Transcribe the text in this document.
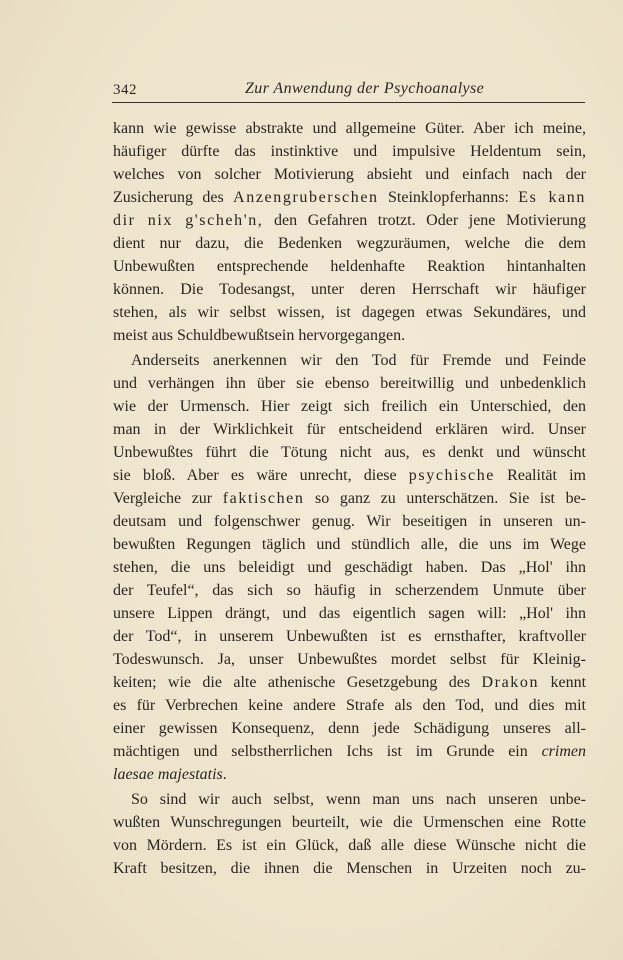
342	Zur Anwendung der Psychoanalyse
kann wie gewisse abstrakte und allgemeine Güter. Aber ich meine,
häufiger dürfte das instinktive und impulsive Heldentum sein,
welches von solcher Motivierung absieht und einfach nach der
Zusicherung des Anzengruberschen Steinklopferhanns: Es kann
dir nix g'scheh'n, den Gefahren trotzt. Oder jene Motivierung
dient nur dazu, die Bedenken wegzuräumen, welche die dem
Unbewußten entsprechende heldenhafte Reaktion hintanhalten
können. Die Todesangst, unter deren Herrschaft wir häufiger
stehen, als wir selbst wissen, ist dagegen etwas Sekundäres, und
meist aus Schuldbewußtsein hervorgegangen.
Anderseits anerkennen wir den Tod für Fremde und Feinde
und verhängen ihn über sie ebenso bereitwillig und unbedenklich
wie der Urmensch. Hier zeigt sich freilich ein Unterschied, den
man in der Wirklichkeit für entscheidend erklären wird. Unser
Unbewußtes führt die Tötung nicht aus, es denkt und wünscht
sie bloß. Aber es wäre unrecht, diese psychische Realität im
Vergleiche zur faktischen so ganz zu unterschätzen. Sie ist be-
deutsam und folgenschwer genug. Wir beseitigen in unseren un-
bewußten Regungen täglich und stündlich alle, die uns im Wege
stehen, die uns beleidigt und geschädigt haben. Das „Hol' ihn
der Teufel“, das sich so häufig in scherzendem Unmute über
unsere Lippen drängt, und das eigentlich sagen will: „Hol' ihn
der Tod“, in unserem Unbewußten ist es ernsthafter, kraftvoller
Todeswunsch. Ja, unser Unbewußtes mordet selbst für Kleinig-
keiten; wie die alte athenische Gesetzgebung des Drakon kennt
es für Verbrechen keine andere Strafe als den Tod, und dies mit
einer gewissen Konsequenz, denn jede Schädigung unseres all-
mächtigen und selbstherrlichen Ichs ist im Grunde ein crimen
laesae majestatis.
So sind wir auch selbst, wenn man uns nach unseren unbe-
wußten Wunschregungen beurteilt, wie die Urmenschen eine Rotte
von Mördern. Es ist ein Glück, daß alle diese Wünsche nicht die
Kraft besitzen, die ihnen die Menschen in Urzeiten noch zu-
